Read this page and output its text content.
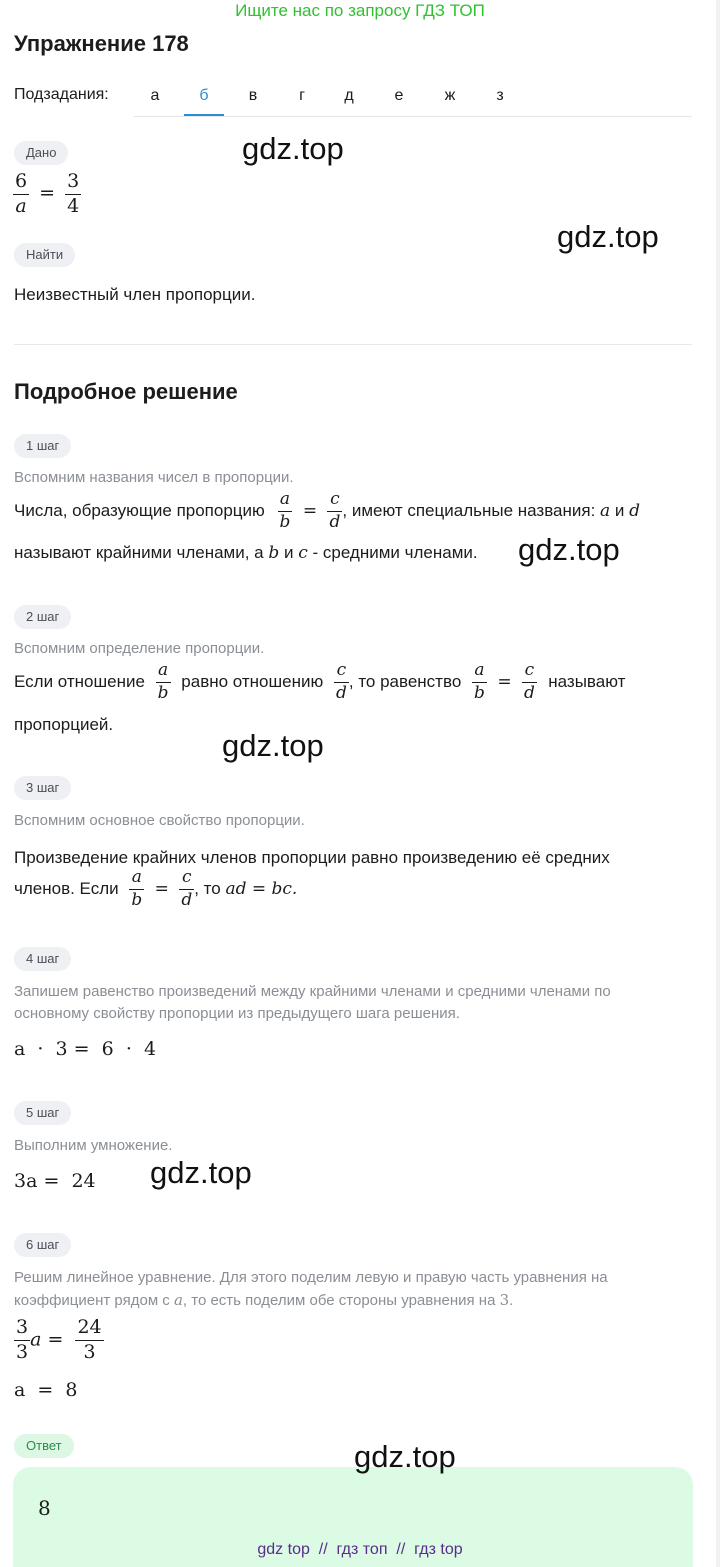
Ищите нас по запросу ГДЗ ТОП
Упражнение 178
Подзадания:	а	б	в	г	д	е	ж	з
Дано
$\frac{6}{a} = \frac{3}{4}$
Найти
Неизвестный член пропорции.
Подробное решение
1 шаг
Вспомним названия чисел в пропорции.
Числа, образующие пропорцию $\frac{a}{b} = \frac{c}{d}$ , имеют специальные названия: a и d
называют крайними членами, а b и c - средними членами.
2 шаг
Вспомним определение пропорции.
Если отношение $\frac{a}{b}$ равно отношению $\frac{c}{d}$ , то равенство $\frac{a}{b} = \frac{c}{d}$ называют
пропорцией.
3 шаг
Вспомним основное свойство пропорции.
Произведение крайних членов пропорции равно произведению её средних
членов. Если $\frac{a}{b} = \frac{c}{d}$ , то ad = bc.
4 шаг
Запишем равенство произведений между крайними членами и средними членами по
основному свойству пропорции из предыдущего шага решения.
a  ·  3 =  6  ·  4
5 шаг
Выполним умножение.
3a =  24
6 шаг
Решим линейное уравнение. Для этого поделим левую и правую часть уравнения на
коэффициент рядом с a, то есть поделим обе стороны уравнения на 3.
$\frac{3}{3}$ $a = \frac{24}{3}$
a  =  8
Ответ
8
gdz.top
gdz.top
gdz.top
gdz.top
gdz.top
gdz.top
gdz top  //  гдз топ  //  гдз top
